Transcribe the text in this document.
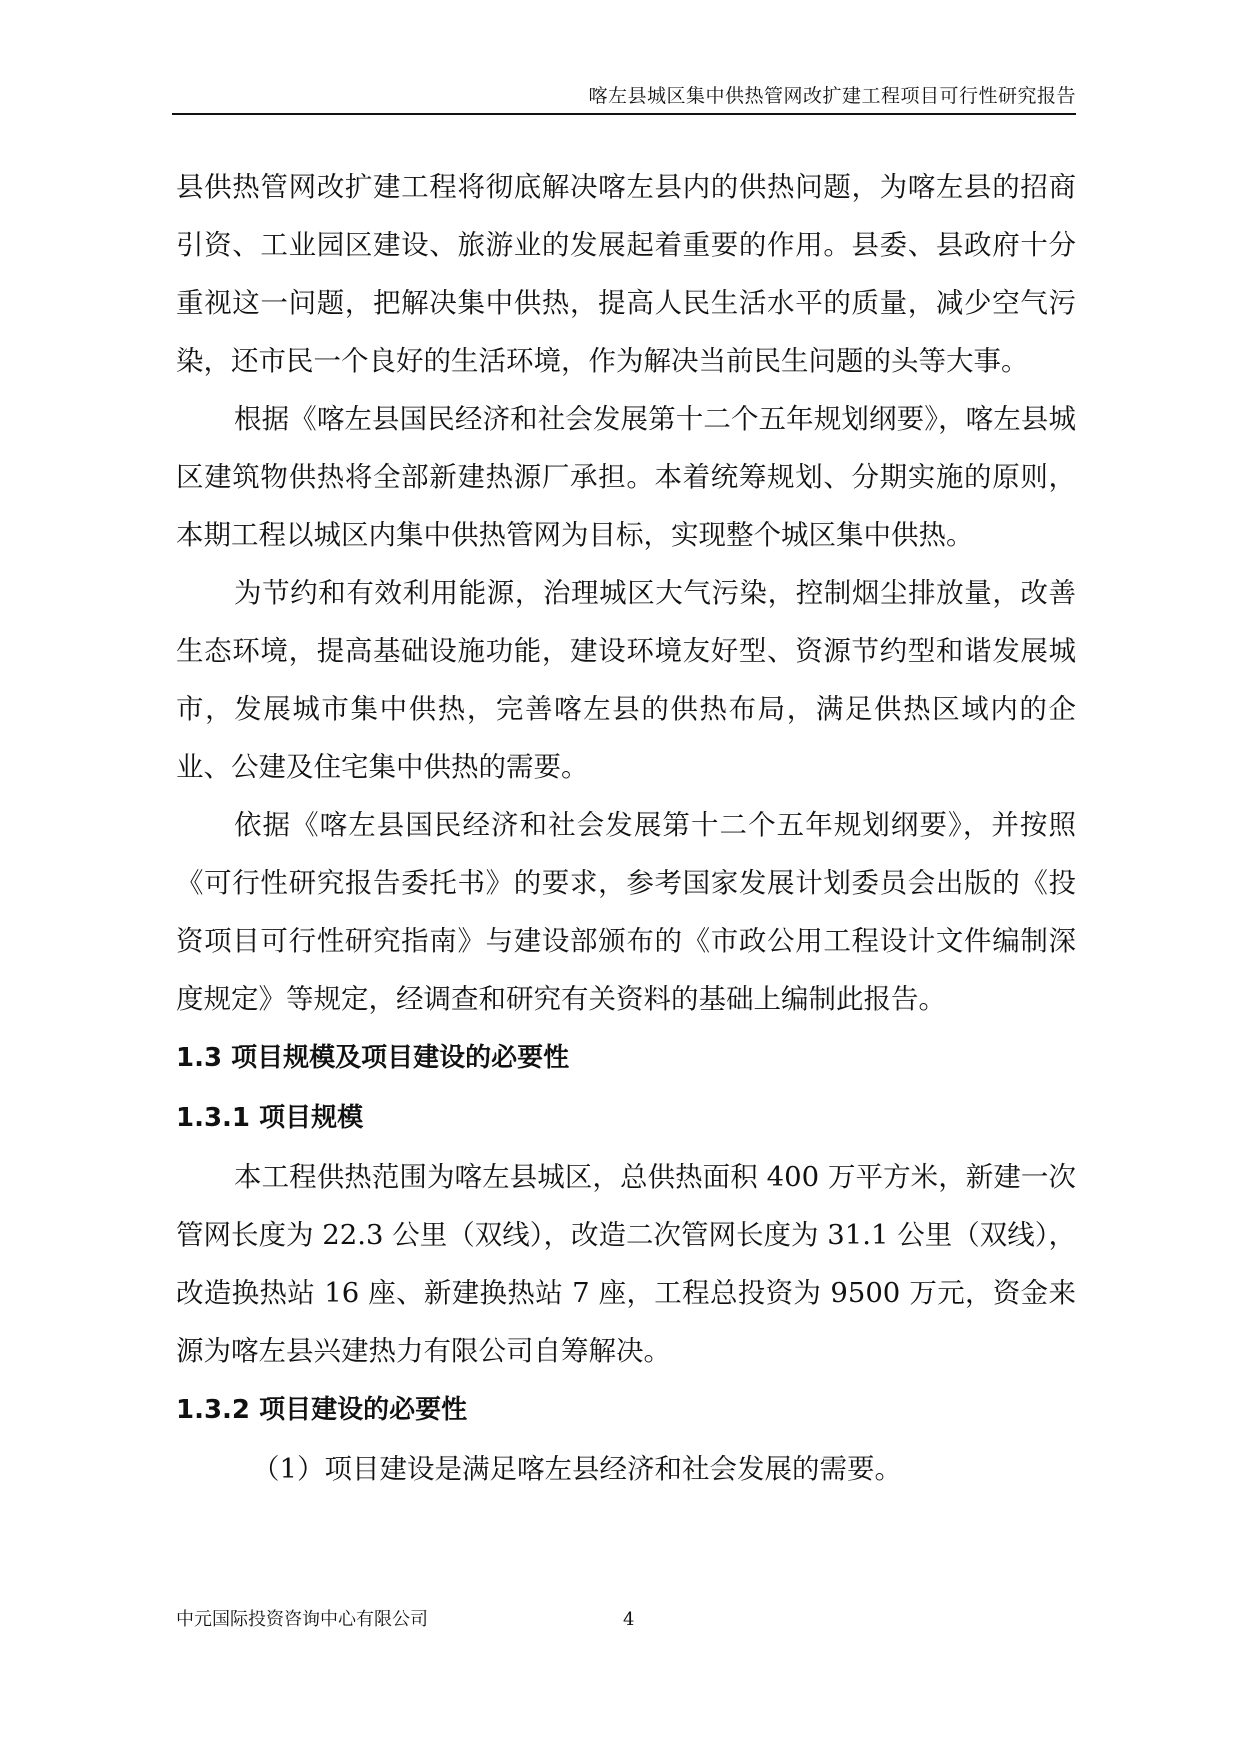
喀左县城区集中供热管网改扩建工程项目可行性研究报告

县供热管网改扩建工程将彻底解决喀左县内的供热问题，为喀左县的招商引资、工业园区建设、旅游业的发展起着重要的作用。县委、县政府十分重视这一问题，把解决集中供热，提高人民生活水平的质量，减少空气污染，还市民一个良好的生活环境，作为解决当前民生问题的头等大事。

根据《喀左县国民经济和社会发展第十二个五年规划纲要》，喀左县城区建筑物供热将全部新建热源厂承担。本着统筹规划、分期实施的原则，本期工程以城区内集中供热管网为目标，实现整个城区集中供热。

为节约和有效利用能源，治理城区大气污染，控制烟尘排放量，改善生态环境，提高基础设施功能，建设环境友好型、资源节约型和谐发展城市，发展城市集中供热，完善喀左县的供热布局，满足供热区域内的企业、公建及住宅集中供热的需要。

依据《喀左县国民经济和社会发展第十二个五年规划纲要》，并按照《可行性研究报告委托书》的要求，参考国家发展计划委员会出版的《投资项目可行性研究指南》与建设部颁布的《市政公用工程设计文件编制深度规定》等规定，经调查和研究有关资料的基础上编制此报告。

1.3 项目规模及项目建设的必要性
1.3.1 项目规模

本工程供热范围为喀左县城区，总供热面积 400 万平方米，新建一次管网长度为 22.3 公里（双线），改造二次管网长度为 31.1 公里（双线），改造换热站 16 座、新建换热站 7 座，工程总投资为 9500 万元，资金来源为喀左县兴建热力有限公司自筹解决。

1.3.2 项目建设的必要性

（1）项目建设是满足喀左县经济和社会发展的需要。

中元国际投资咨询中心有限公司	4
